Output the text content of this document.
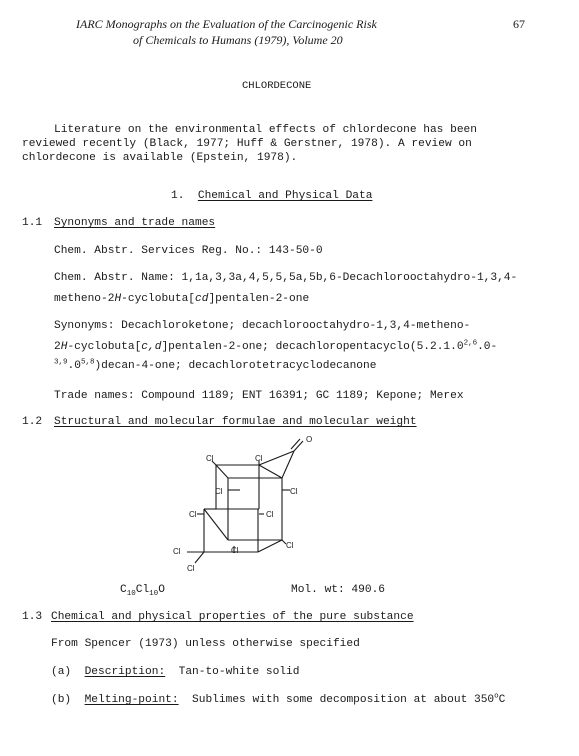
IARC Monographs on the Evaluation of the Carcinogenic Risk
of Chemicals to Humans (1979), Volume 20
67
CHLORDECONE
Literature on the environmental effects of chlordecone has been
reviewed recently (Black, 1977; Huff & Gerstner, 1978). A review on
chlordecone is available (Epstein, 1978).
1. Chemical and Physical Data
1.1 Synonyms and trade names
Chem. Abstr. Services Reg. No.: 143-50-0
Chem. Abstr. Name: 1,1a,3,3a,4,5,5,5a,5b,6-Decachlorooctahydro-1,3,4-
metheno-2H-cyclobuta[cd]pentalen-2-one
Synonyms: Decachloroketone; decachlorooctahydro-1,3,4-metheno-
2H-cyclobuta[c,d]pentalen-2-one; decachloropentacyclo(5.2.1.0$^{2,6}$.0-
$^{3,9}$.0$^{5,8}$)decan-4-one; decachlorotetracyclodecanone
Trade names: Compound 1189; ENT 16391; GC 1189; Kepone; Merex
1.2 Structural and molecular formulae and molecular weight
O
Cl	Cl
Cl	Cl
Cl	Cl
Cl
Cl
Cl
Cl
$C_{10}Cl_{10}O$	Mol. wt: 490.6
1.3 Chemical and physical properties of the pure substance
From Spencer (1973) unless otherwise specified
(a) Description: Tan-to-white solid
(b) Melting-point: Sublimes with some decomposition at about 350$^o$C
